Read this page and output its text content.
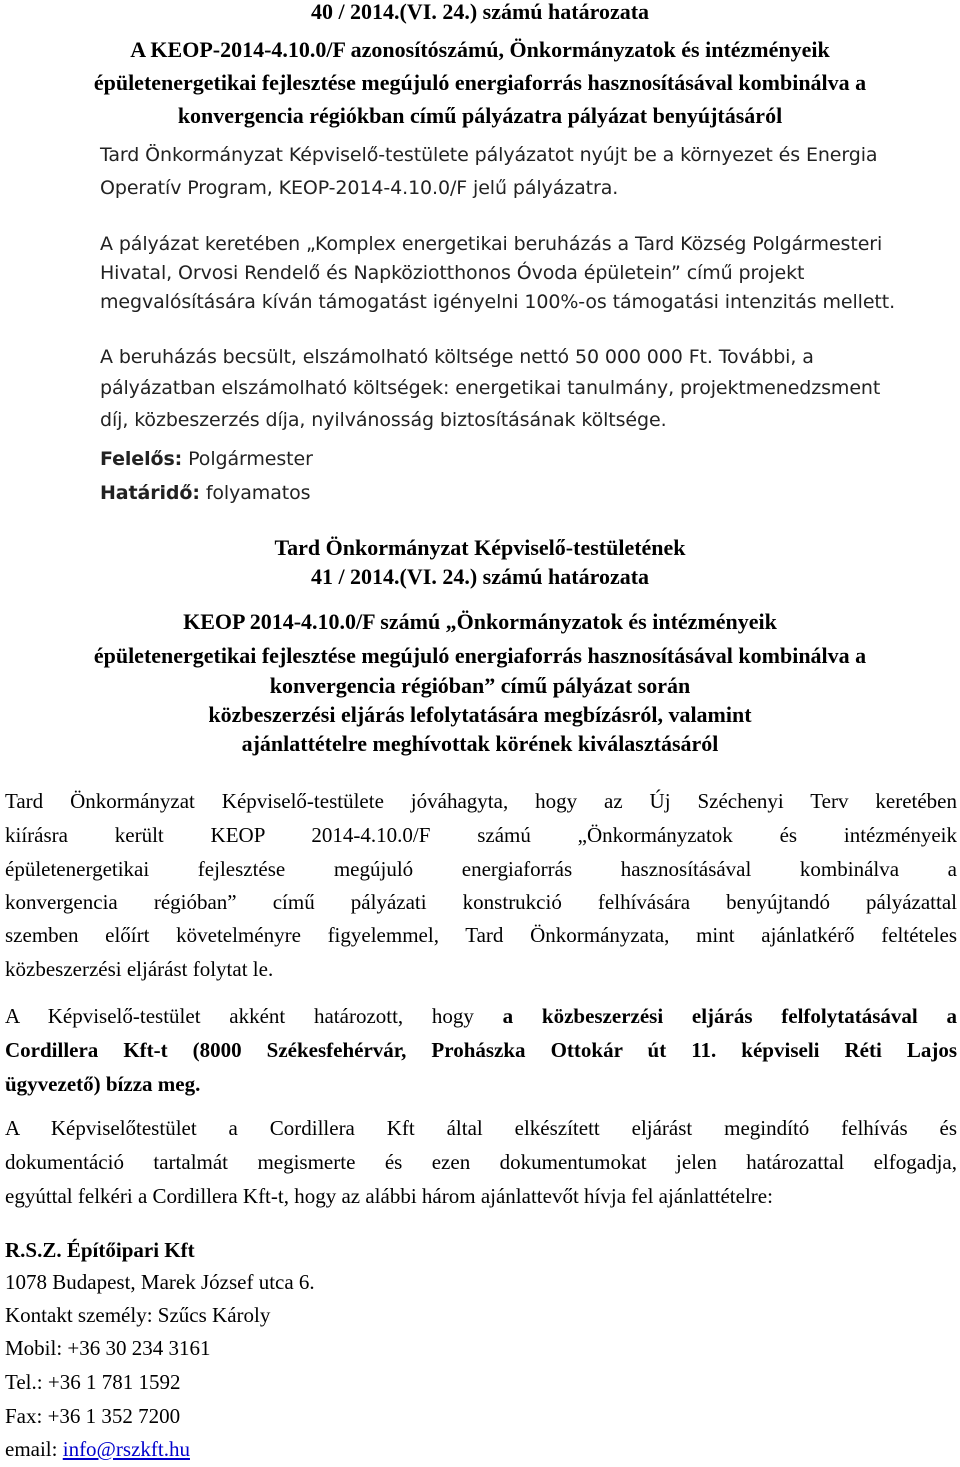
40 / 2014.(VI. 24.) számú határozata
A KEOP-2014-4.10.0/F azonosítószámú, Önkormányzatok és intézményeik
épületenergetikai fejlesztése megújuló energiaforrás hasznosításával kombinálva a
konvergencia régiókban című pályázatra pályázat benyújtásáról
Tard Önkormányzat Képviselő-testülete pályázatot nyújt be a környezet és Energia
Operatív Program, KEOP-2014-4.10.0/F jelű pályázatra.
A pályázat keretében „Komplex energetikai beruházás a Tard Község Polgármesteri
Hivatal, Orvosi Rendelő és Napköziotthonos Óvoda épületein” című projekt
megvalósítására kíván támogatást igényelni 100%-os támogatási intenzitás mellett.
A beruházás becsült, elszámolható költsége nettó 50 000 000 Ft. További, a
pályázatban elszámolható költségek: energetikai tanulmány, projektmenedzsment
díj, közbeszerzés díja, nyilvánosság biztosításának költsége.
Felelős: Polgármester
Határidő: folyamatos
Tard Önkormányzat Képviselő-testületének
41 / 2014.(VI. 24.) számú határozata
KEOP 2014-4.10.0/F számú „Önkormányzatok és intézményeik
épületenergetikai fejlesztése megújuló energiaforrás hasznosításával kombinálva a
konvergencia régióban” című pályázat során
közbeszerzési eljárás lefolytatására megbízásról, valamint
ajánlattételre meghívottak körének kiválasztásáról
Tard Önkormányzat Képviselő-testülete jóváhagyta, hogy az Új Széchenyi Terv keretében
kiírásra került KEOP 2014-4.10.0/F számú „Önkormányzatok és intézményeik
épületenergetikai fejlesztése megújuló energiaforrás hasznosításával kombinálva a
konvergencia régióban” című pályázati konstrukció felhívására benyújtandó pályázattal
szemben előírt követelményre figyelemmel, Tard Önkormányzata, mint ajánlatkérő feltételes
közbeszerzési eljárást folytat le.
A Képviselő-testület akként határozott, hogy a közbeszerzési eljárás felfolytatásával a
Cordillera Kft-t (8000 Székesfehérvár, Prohászka Ottokár út 11. képviseli Réti Lajos
ügyvezető) bízza meg.
A Képviselőtestület a Cordillera Kft által elkészített eljárást megindító felhívás és
dokumentáció tartalmát megismerte és ezen dokumentumokat jelen határozattal elfogadja,
egyúttal felkéri a Cordillera Kft-t, hogy az alábbi három ajánlattevőt hívja fel ajánlattételre:
R.S.Z. Építőipari Kft
1078 Budapest, Marek József utca 6.
Kontakt személy: Szűcs Károly
Mobil: +36 30 234 3161
Tel.: +36 1 781 1592
Fax: +36 1 352 7200
email: info@rszkft.hu
